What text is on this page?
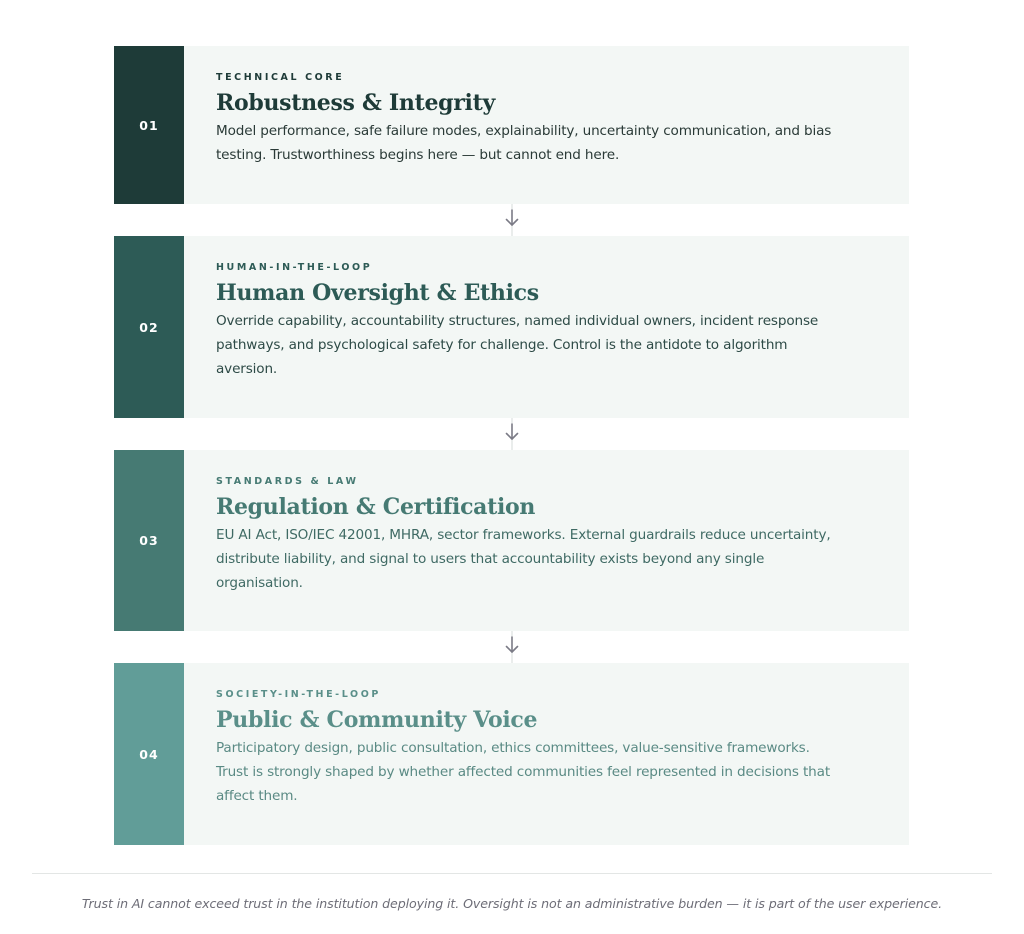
01
TECHNICAL CORE
Robustness & Integrity
Model performance, safe failure modes, explainability, uncertainty communication, and bias
testing. Trustworthiness begins here — but cannot end here.
02
HUMAN-IN-THE-LOOP
Human Oversight & Ethics
Override capability, accountability structures, named individual owners, incident response
pathways, and psychological safety for challenge. Control is the antidote to algorithm
aversion.
03
STANDARDS & LAW
Regulation & Certification
EU AI Act, ISO/IEC 42001, MHRA, sector frameworks. External guardrails reduce uncertainty,
distribute liability, and signal to users that accountability exists beyond any single
organisation.
04
SOCIETY-IN-THE-LOOP
Public & Community Voice
Participatory design, public consultation, ethics committees, value-sensitive frameworks.
Trust is strongly shaped by whether affected communities feel represented in decisions that
affect them.
Trust in AI cannot exceed trust in the institution deploying it. Oversight is not an administrative burden — it is part of the user experience.
